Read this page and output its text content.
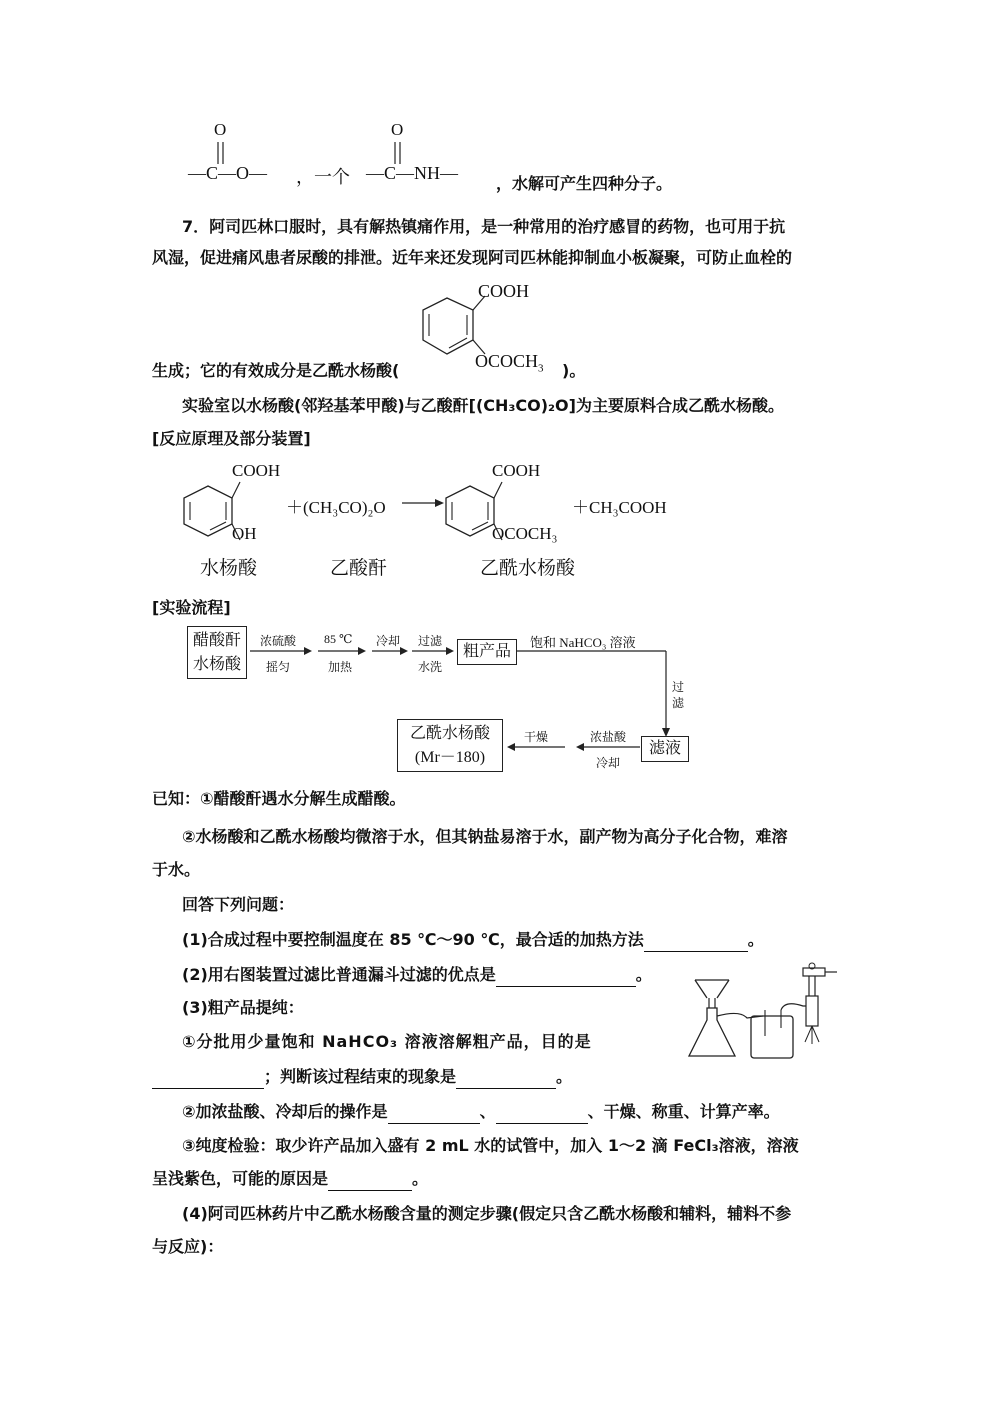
O	O
—C—O— ，一个 —C—NH—
，水解可产生四种分子。
7．阿司匹林口服时，具有解热镇痛作用，是一种常用的治疗感冒的药物，也可用于抗
风湿，促进痛风患者尿酸的排泄。近年来还发现阿司匹林能抑制血小板凝聚，可防止血栓的
COOH
$OCOCH_3$
生成；它的有效成分是乙酰水杨酸(	)。
实验室以水杨酸(邻羟基苯甲酸)与乙酸酐[(CH₃CO)₂O]为主要原料合成乙酰水杨酸。
[反应原理及部分装置]
COOH
OH
＋(CH₃CO)₂O →
COOH
OCOCH₃
＋CH₃COOH
水杨酸	乙酸酐	乙酰水杨酸
[实验流程]
醋酸酐
水杨酸
浓硫酸
摇匀
85 ℃
加热
冷却 过滤
水洗
粗产品
饱和 NaHCO₃ 溶液
过
滤
滤液
浓盐酸
冷却
干燥
乙酰水杨酸
(Mr－180)
已知：①醋酸酐遇水分解生成醋酸。
②水杨酸和乙酰水杨酸均微溶于水，但其钠盐易溶于水，副产物为高分子化合物，难溶
于水。
回答下列问题：
(1)合成过程中要控制温度在 85 ℃～90 ℃，最合适的加热方法	。
(2)用右图装置过滤比普通漏斗过滤的优点是	。
(3)粗产品提纯：
①分批用少量饱和 NaHCO₃ 溶液溶解粗产品，目的是
；判断该过程结束的现象是	。
②加浓盐酸、冷却后的操作是	、	、干燥、称重、计算产率。
③纯度检验：取少许产品加入盛有 2 mL 水的试管中，加入 1～2 滴 FeCl₃溶液，溶液
呈浅紫色，可能的原因是	。
(4)阿司匹林药片中乙酰水杨酸含量的测定步骤(假定只含乙酰水杨酸和辅料，辅料不参
与反应)：
